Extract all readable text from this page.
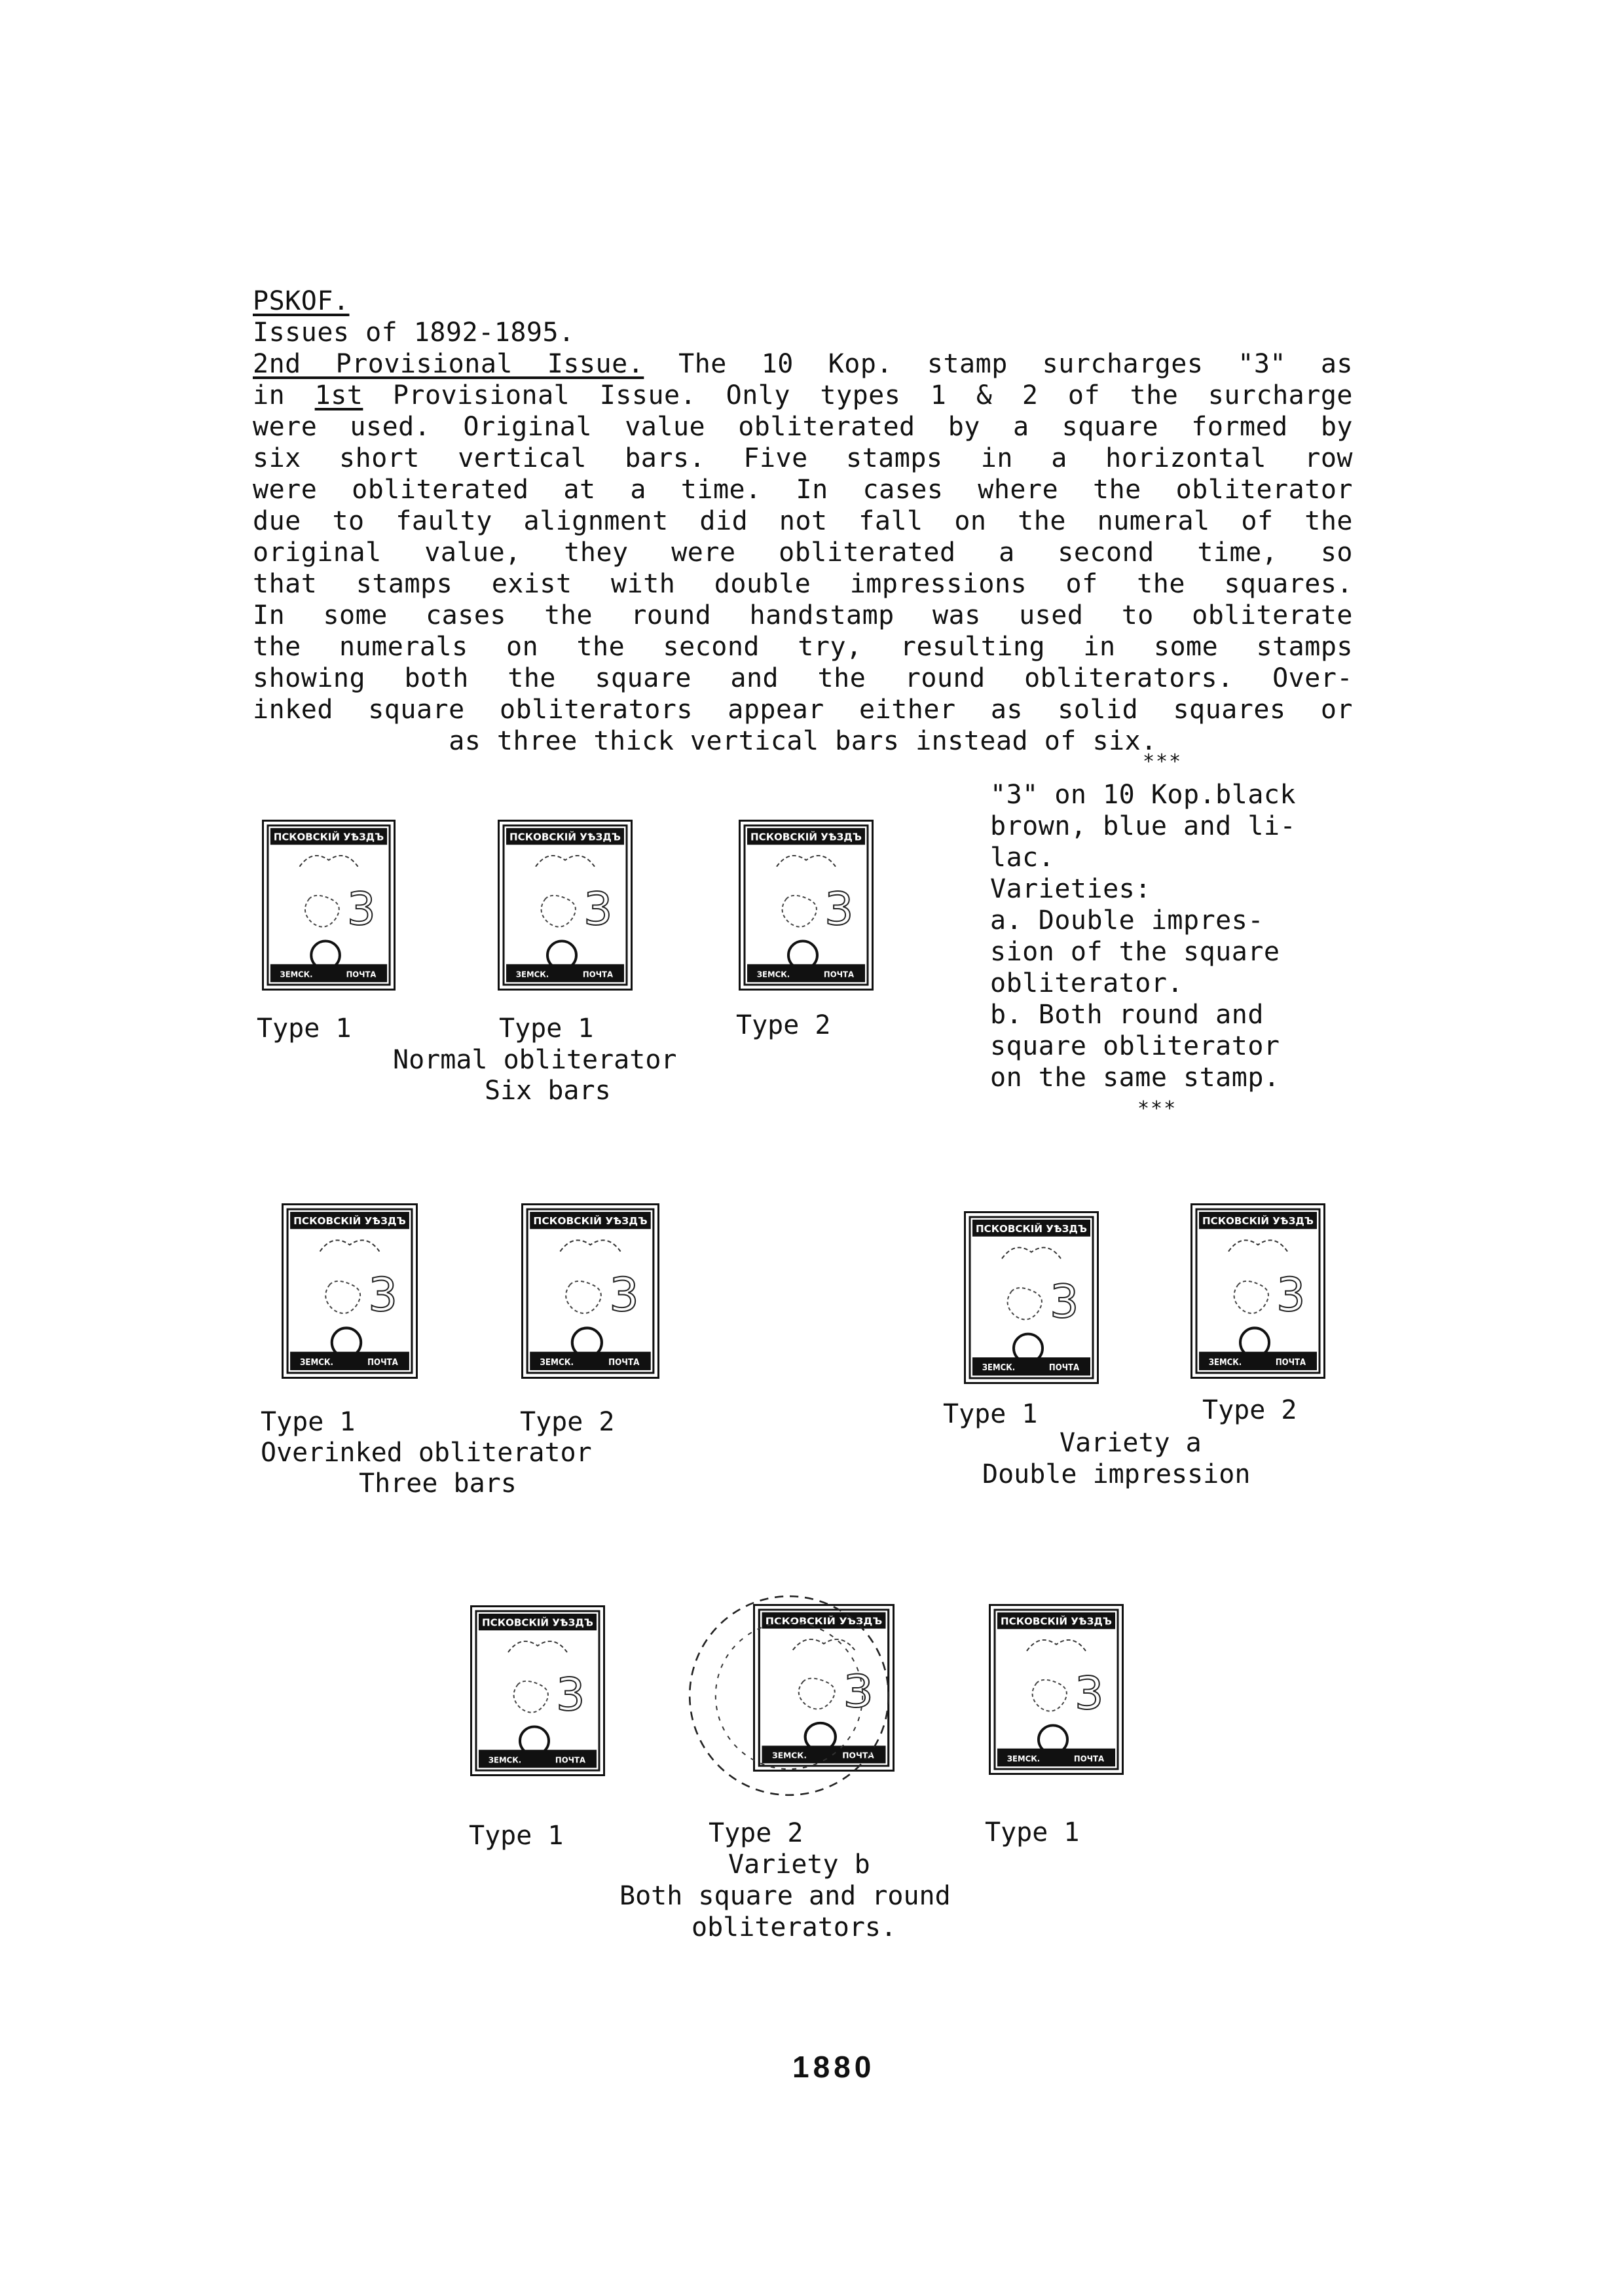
PSKOF.
Issues of 1892-1895.
2nd Provisional Issue. The 10 Kop. stamp surcharges "3" as
in 1st Provisional Issue. Only types 1 & 2 of the surcharge
were used. Original value obliterated by a square formed by
six short vertical bars. Five stamps in a horizontal row
were obliterated at a time. In cases where the obliterator
due to faulty alignment did not fall on the numeral of the
original value, they were obliterated a second time, so
that stamps exist with double impressions of the squares.
In some cases the round handstamp was used to obliterate
the numerals on the second try, resulting in some stamps
showing both the square and the round obliterators. Over-
inked square obliterators appear either as solid squares or
as three thick vertical bars instead of six.
***
"3" on 10 Kop.black
brown, blue and li-
lac.
Varieties:
a. Double impres-
sion of the square
obliterator.
b. Both round and
square obliterator
on the same stamp.
***
ПСКОВСКІЙ УѢЗДЪ
3
ЗЕМСК.	ПОЧТА
ПСКОВСКІЙ УѢЗДЪ
3
ЗЕМСК.	ПОЧТА
ПСКОВСКІЙ УѢЗДЪ
3
ЗЕМСК.	ПОЧТА
Type 1	Type 1	Type 2
Normal obliterator
Six bars
ПСКОВСКІЙ УѢЗДЪ
3
ЗЕМСК.	ПОЧТА
ПСКОВСКІЙ УѢЗДЪ
3
ЗЕМСК.	ПОЧТА
Type 1	Type 2
Overinked obliterator
Three bars
ПСКОВСКІЙ УѢЗДЪ
3
ЗЕМСК.	ПОЧТА
ПСКОВСКІЙ УѢЗДЪ
3
ЗЕМСК.	ПОЧТА
Type 1	Type 2
Variety a
Double impression
ПСКОВСКІЙ УѢЗДЪ
3
ЗЕМСК.	ПОЧТА
ПСКОВСКІЙ УѢЗДЪ
3
ЗЕМСК.	ПОЧТА
ПСКОВСКІЙ УѢЗДЪ
3
ЗЕМСК.	ПОЧТА
Type 1	Type 2	Type 1
Variety b
Both square and round
obliterators.
1880
